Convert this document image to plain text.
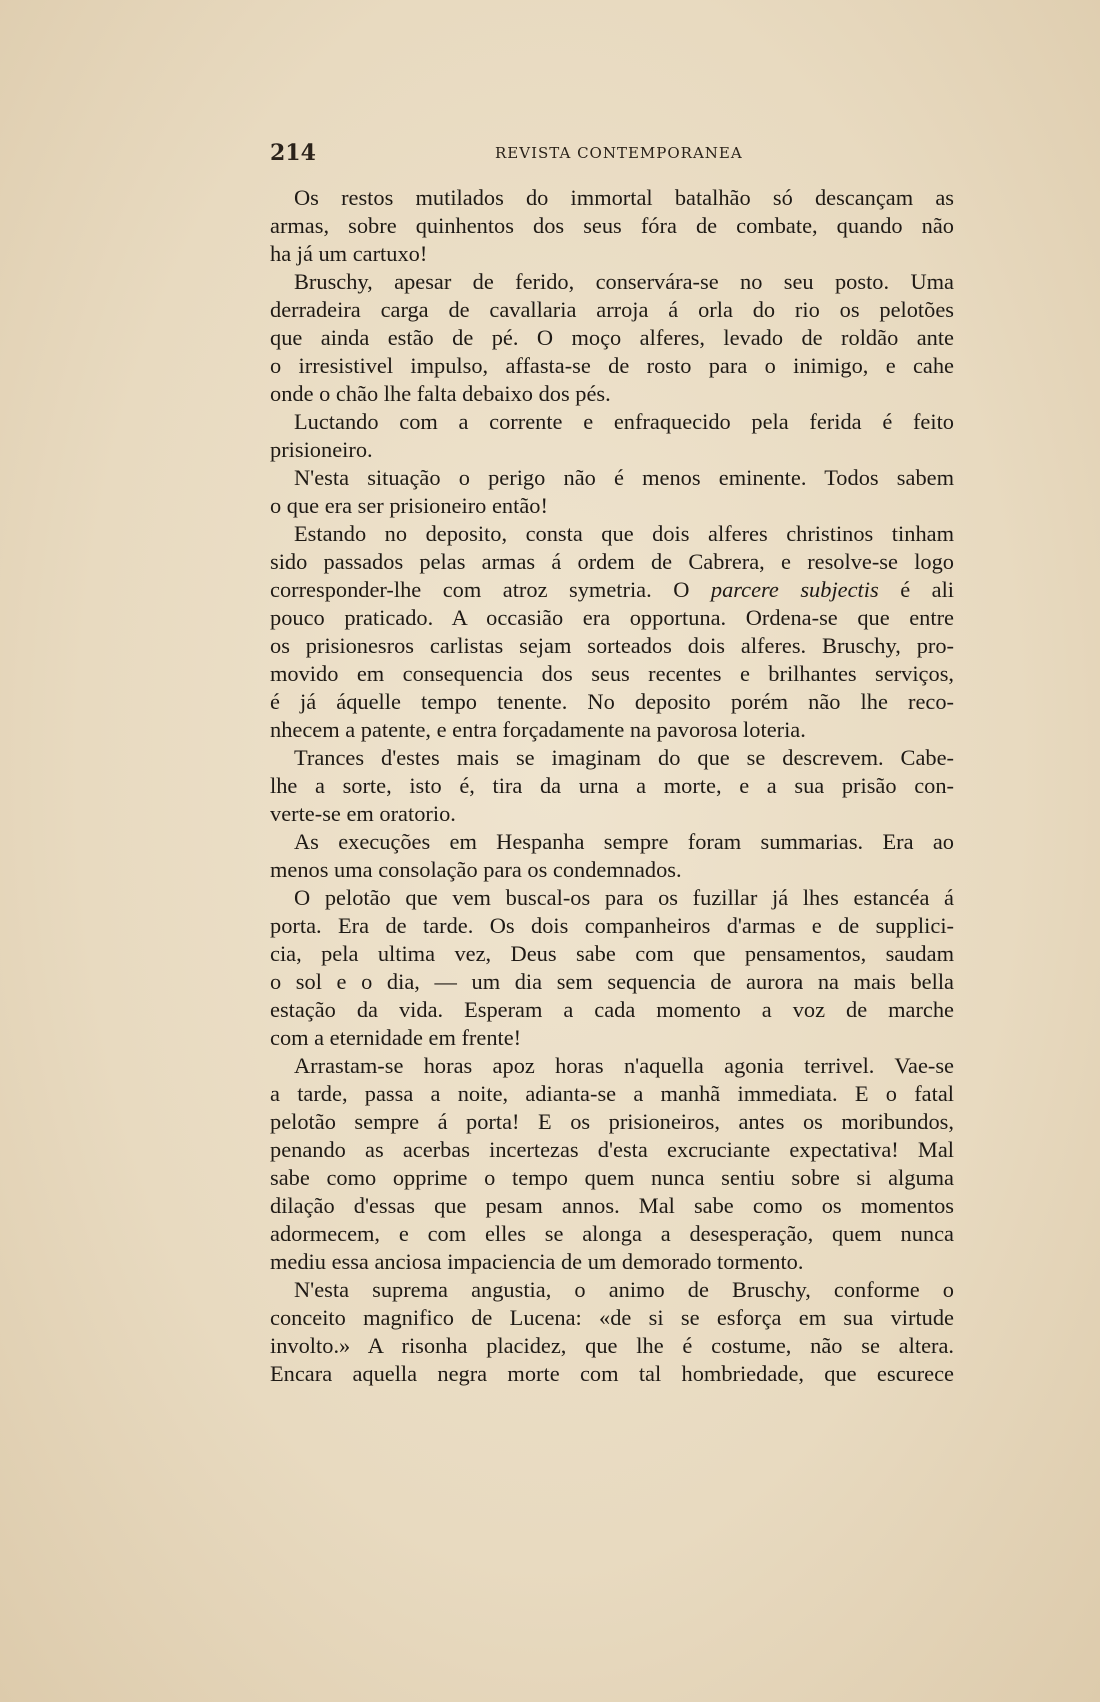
214	REVISTA CONTEMPORANEA
Os restos mutilados do immortal batalhão só descançam as
armas, sobre quinhentos dos seus fóra de combate, quando não
ha já um cartuxo!
Bruschy, apesar de ferido, conservára-se no seu posto. Uma
derradeira carga de cavallaria arroja á orla do rio os pelotões
que ainda estão de pé. O moço alferes, levado de roldão ante
o irresistivel impulso, affasta-se de rosto para o inimigo, e cahe
onde o chão lhe falta debaixo dos pés.
Luctando com a corrente e enfraquecido pela ferida é feito
prisioneiro.
N'esta situação o perigo não é menos eminente. Todos sabem
o que era ser prisioneiro então!
Estando no deposito, consta que dois alferes christinos tinham
sido passados pelas armas á ordem de Cabrera, e resolve-se logo
corresponder-lhe com atroz symetria. O parcere subjectis é ali
pouco praticado. A occasião era opportuna. Ordena-se que entre
os prisionesros carlistas sejam sorteados dois alferes. Bruschy, pro-
movido em consequencia dos seus recentes e brilhantes serviços,
é já áquelle tempo tenente. No deposito porém não lhe reco-
nhecem a patente, e entra forçadamente na pavorosa loteria.
Trances d'estes mais se imaginam do que se descrevem. Cabe-
lhe a sorte, isto é, tira da urna a morte, e a sua prisão con-
verte-se em oratorio.
As execuções em Hespanha sempre foram summarias. Era ao
menos uma consolação para os condemnados.
O pelotão que vem buscal-os para os fuzillar já lhes estancéa á
porta. Era de tarde. Os dois companheiros d'armas e de supplici-
cia, pela ultima vez, Deus sabe com que pensamentos, saudam
o sol e o dia, — um dia sem sequencia de aurora na mais bella
estação da vida. Esperam a cada momento a voz de marche
com a eternidade em frente!
Arrastam-se horas apoz horas n'aquella agonia terrivel. Vae-se
a tarde, passa a noite, adianta-se a manhã immediata. E o fatal
pelotão sempre á porta! E os prisioneiros, antes os moribundos,
penando as acerbas incertezas d'esta excruciante expectativa! Mal
sabe como opprime o tempo quem nunca sentiu sobre si alguma
dilação d'essas que pesam annos. Mal sabe como os momentos
adormecem, e com elles se alonga a desesperação, quem nunca
mediu essa anciosa impaciencia de um demorado tormento.
N'esta suprema angustia, o animo de Bruschy, conforme o
conceito magnifico de Lucena: «de si se esforça em sua virtude
involto.» A risonha placidez, que lhe é costume, não se altera.
Encara aquella negra morte com tal hombriedade, que escurece
